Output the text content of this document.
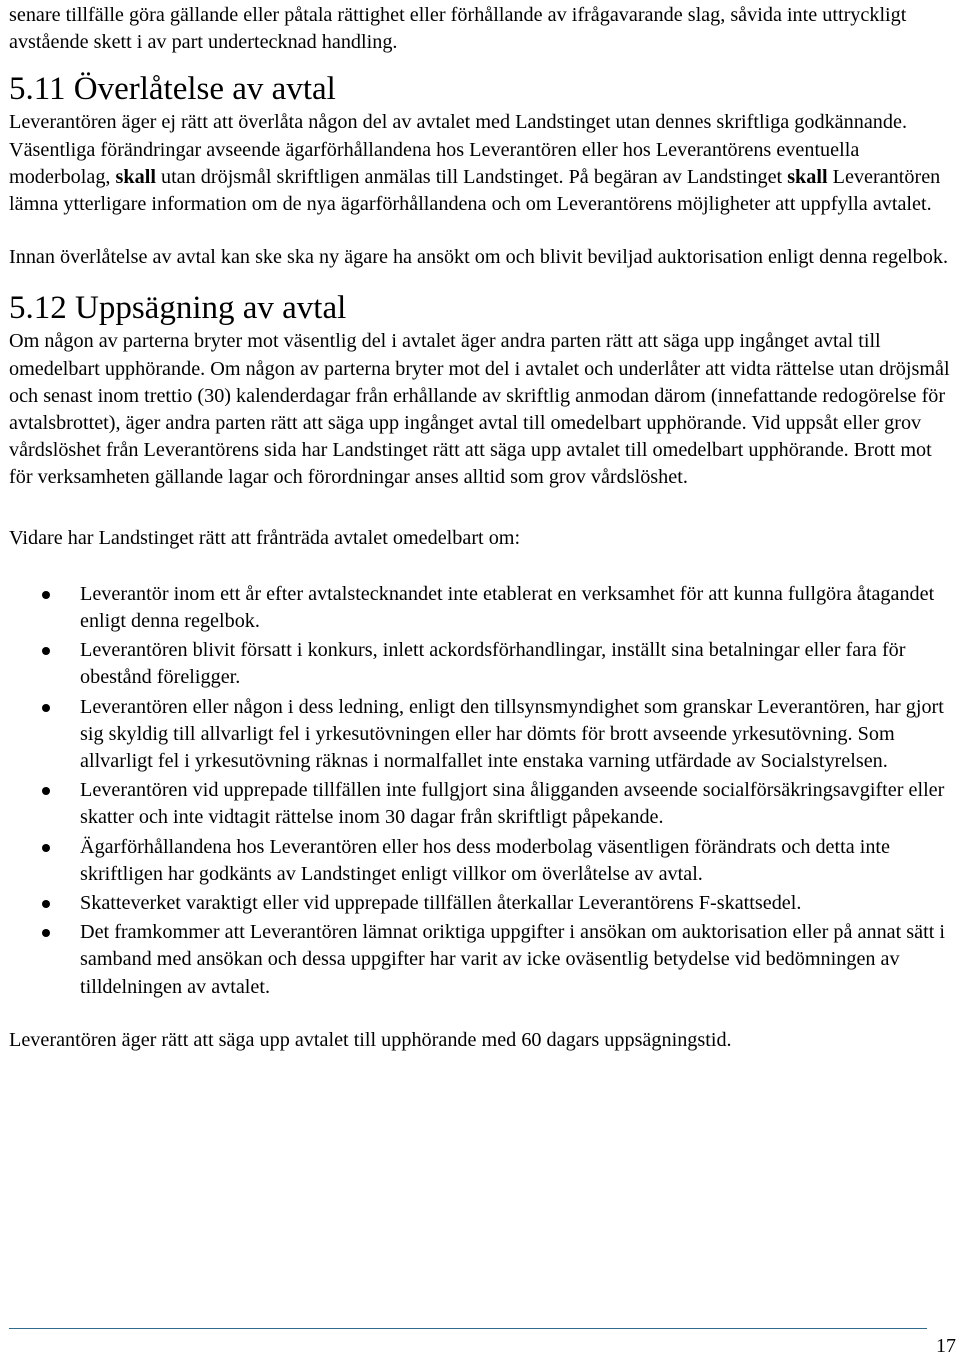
senare tillfälle göra gällande eller påtala rättighet eller förhållande av ifrågavarande slag, såvida inte uttryckligt avstående skett i av part undertecknad handling.

5.11 Överlåtelse av avtal

Leverantören äger ej rätt att överlåta någon del av avtalet med Landstinget utan dennes skriftliga godkännande. Väsentliga förändringar avseende ägarförhållandena hos Leverantören eller hos Leverantörens eventuella moderbolag, skall utan dröjsmål skriftligen anmälas till Landstinget. På begäran av Landstinget skall Leverantören lämna ytterligare information om de nya ägarförhållandena och om Leverantörens möjligheter att uppfylla avtalet.

Innan överlåtelse av avtal kan ske ska ny ägare ha ansökt om och blivit beviljad auktorisation enligt denna regelbok.

5.12 Uppsägning av avtal

Om någon av parterna bryter mot väsentlig del i avtalet äger andra parten rätt att säga upp ingånget avtal till omedelbart upphörande. Om någon av parterna bryter mot del i avtalet och underlåter att vidta rättelse utan dröjsmål och senast inom trettio (30) kalenderdagar från erhållande av skriftlig anmodan därom (innefattande redogörelse för avtalsbrottet), äger andra parten rätt att säga upp ingånget avtal till omedelbart upphörande. Vid uppsåt eller grov vårdslöshet från Leverantörens sida har Landstinget rätt att säga upp avtalet till omedelbart upphörande. Brott mot för verksamheten gällande lagar och förordningar anses alltid som grov vårdslöshet.

Vidare har Landstinget rätt att frånträda avtalet omedelbart om:

Leverantör inom ett år efter avtalstecknandet inte etablerat en verksamhet för att kunna fullgöra åtagandet enligt denna regelbok.
Leverantören blivit försatt i konkurs, inlett ackordsförhandlingar, inställt sina betalningar eller fara för obestånd föreligger.
Leverantören eller någon i dess ledning, enligt den tillsynsmyndighet som granskar Leverantören, har gjort sig skyldig till allvarligt fel i yrkesutövningen eller har dömts för brott avseende yrkesutövning. Som allvarligt fel i yrkesutövning räknas i normalfallet inte enstaka varning utfärdade av Socialstyrelsen.
Leverantören vid upprepade tillfällen inte fullgjort sina åligganden avseende socialförsäkringsavgifter eller skatter och inte vidtagit rättelse inom 30 dagar från skriftligt påpekande.
Ägarförhållandena hos Leverantören eller hos dess moderbolag väsentligen förändrats och detta inte skriftligen har godkänts av Landstinget enligt villkor om överlåtelse av avtal.
Skatteverket varaktigt eller vid upprepade tillfällen återkallar Leverantörens F-skattsedel.
Det framkommer att Leverantören lämnat oriktiga uppgifter i ansökan om auktorisation eller på annat sätt i samband med ansökan och dessa uppgifter har varit av icke oväsentlig betydelse vid bedömningen av tilldelningen av avtalet.

Leverantören äger rätt att säga upp avtalet till upphörande med 60 dagars uppsägningstid.

17
